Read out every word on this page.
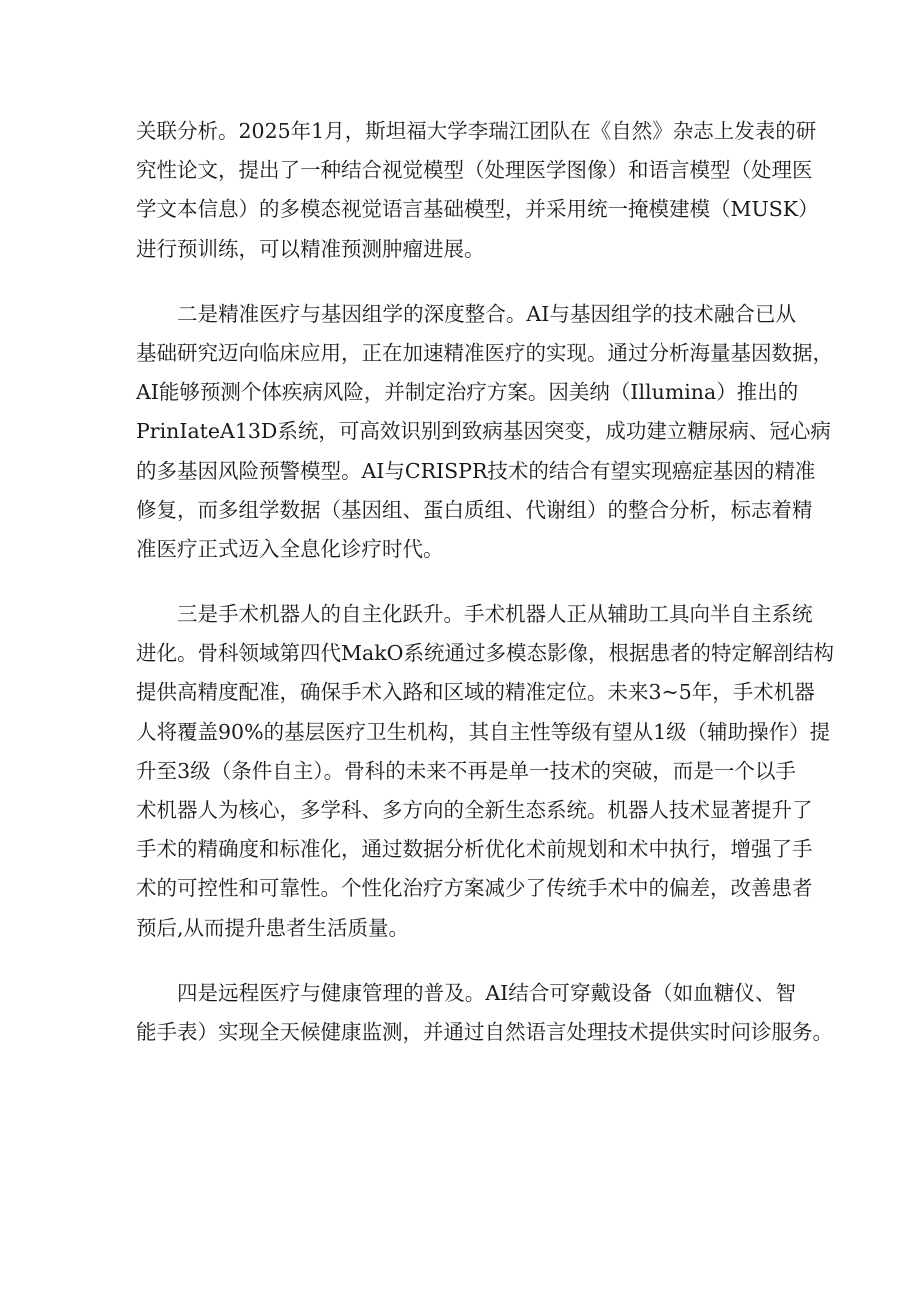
关联分析。2025年1月，斯坦福大学李瑞江团队在《自然》杂志上发表的研
究性论文，提出了一种结合视觉模型（处理医学图像）和语言模型（处理医
学文本信息）的多模态视觉语言基础模型，并采用统一掩模建模（MUSK）
进行预训练，可以精准预测肿瘤进展。
二是精准医疗与基因组学的深度整合。AI与基因组学的技术融合已从
基础研究迈向临床应用，正在加速精准医疗的实现。通过分析海量基因数据，
AI能够预测个体疾病风险，并制定治疗方案。因美纳（Illumina）推出的
PrinIateA13D系统，可高效识别到致病基因突变，成功建立糖尿病、冠心病
的多基因风险预警模型。AI与CRISPR技术的结合有望实现癌症基因的精准
修复，而多组学数据（基因组、蛋白质组、代谢组）的整合分析，标志着精
准医疗正式迈入全息化诊疗时代。
三是手术机器人的自主化跃升。手术机器人正从辅助工具向半自主系统
进化。骨科领域第四代MakO系统通过多模态影像，根据患者的特定解剖结构
提供高精度配准，确保手术入路和区域的精准定位。未来3~5年，手术机器
人将覆盖90%的基层医疗卫生机构，其自主性等级有望从1级（辅助操作）提
升至3级（条件自主）。骨科的未来不再是单一技术的突破，而是一个以手
术机器人为核心，多学科、多方向的全新生态系统。机器人技术显著提升了
手术的精确度和标准化，通过数据分析优化术前规划和术中执行，增强了手
术的可控性和可靠性。个性化治疗方案减少了传统手术中的偏差，改善患者
预后,从而提升患者生活质量。
四是远程医疗与健康管理的普及。AI结合可穿戴设备（如血糖仪、智
能手表）实现全天候健康监测，并通过自然语言处理技术提供实时问诊服务。
